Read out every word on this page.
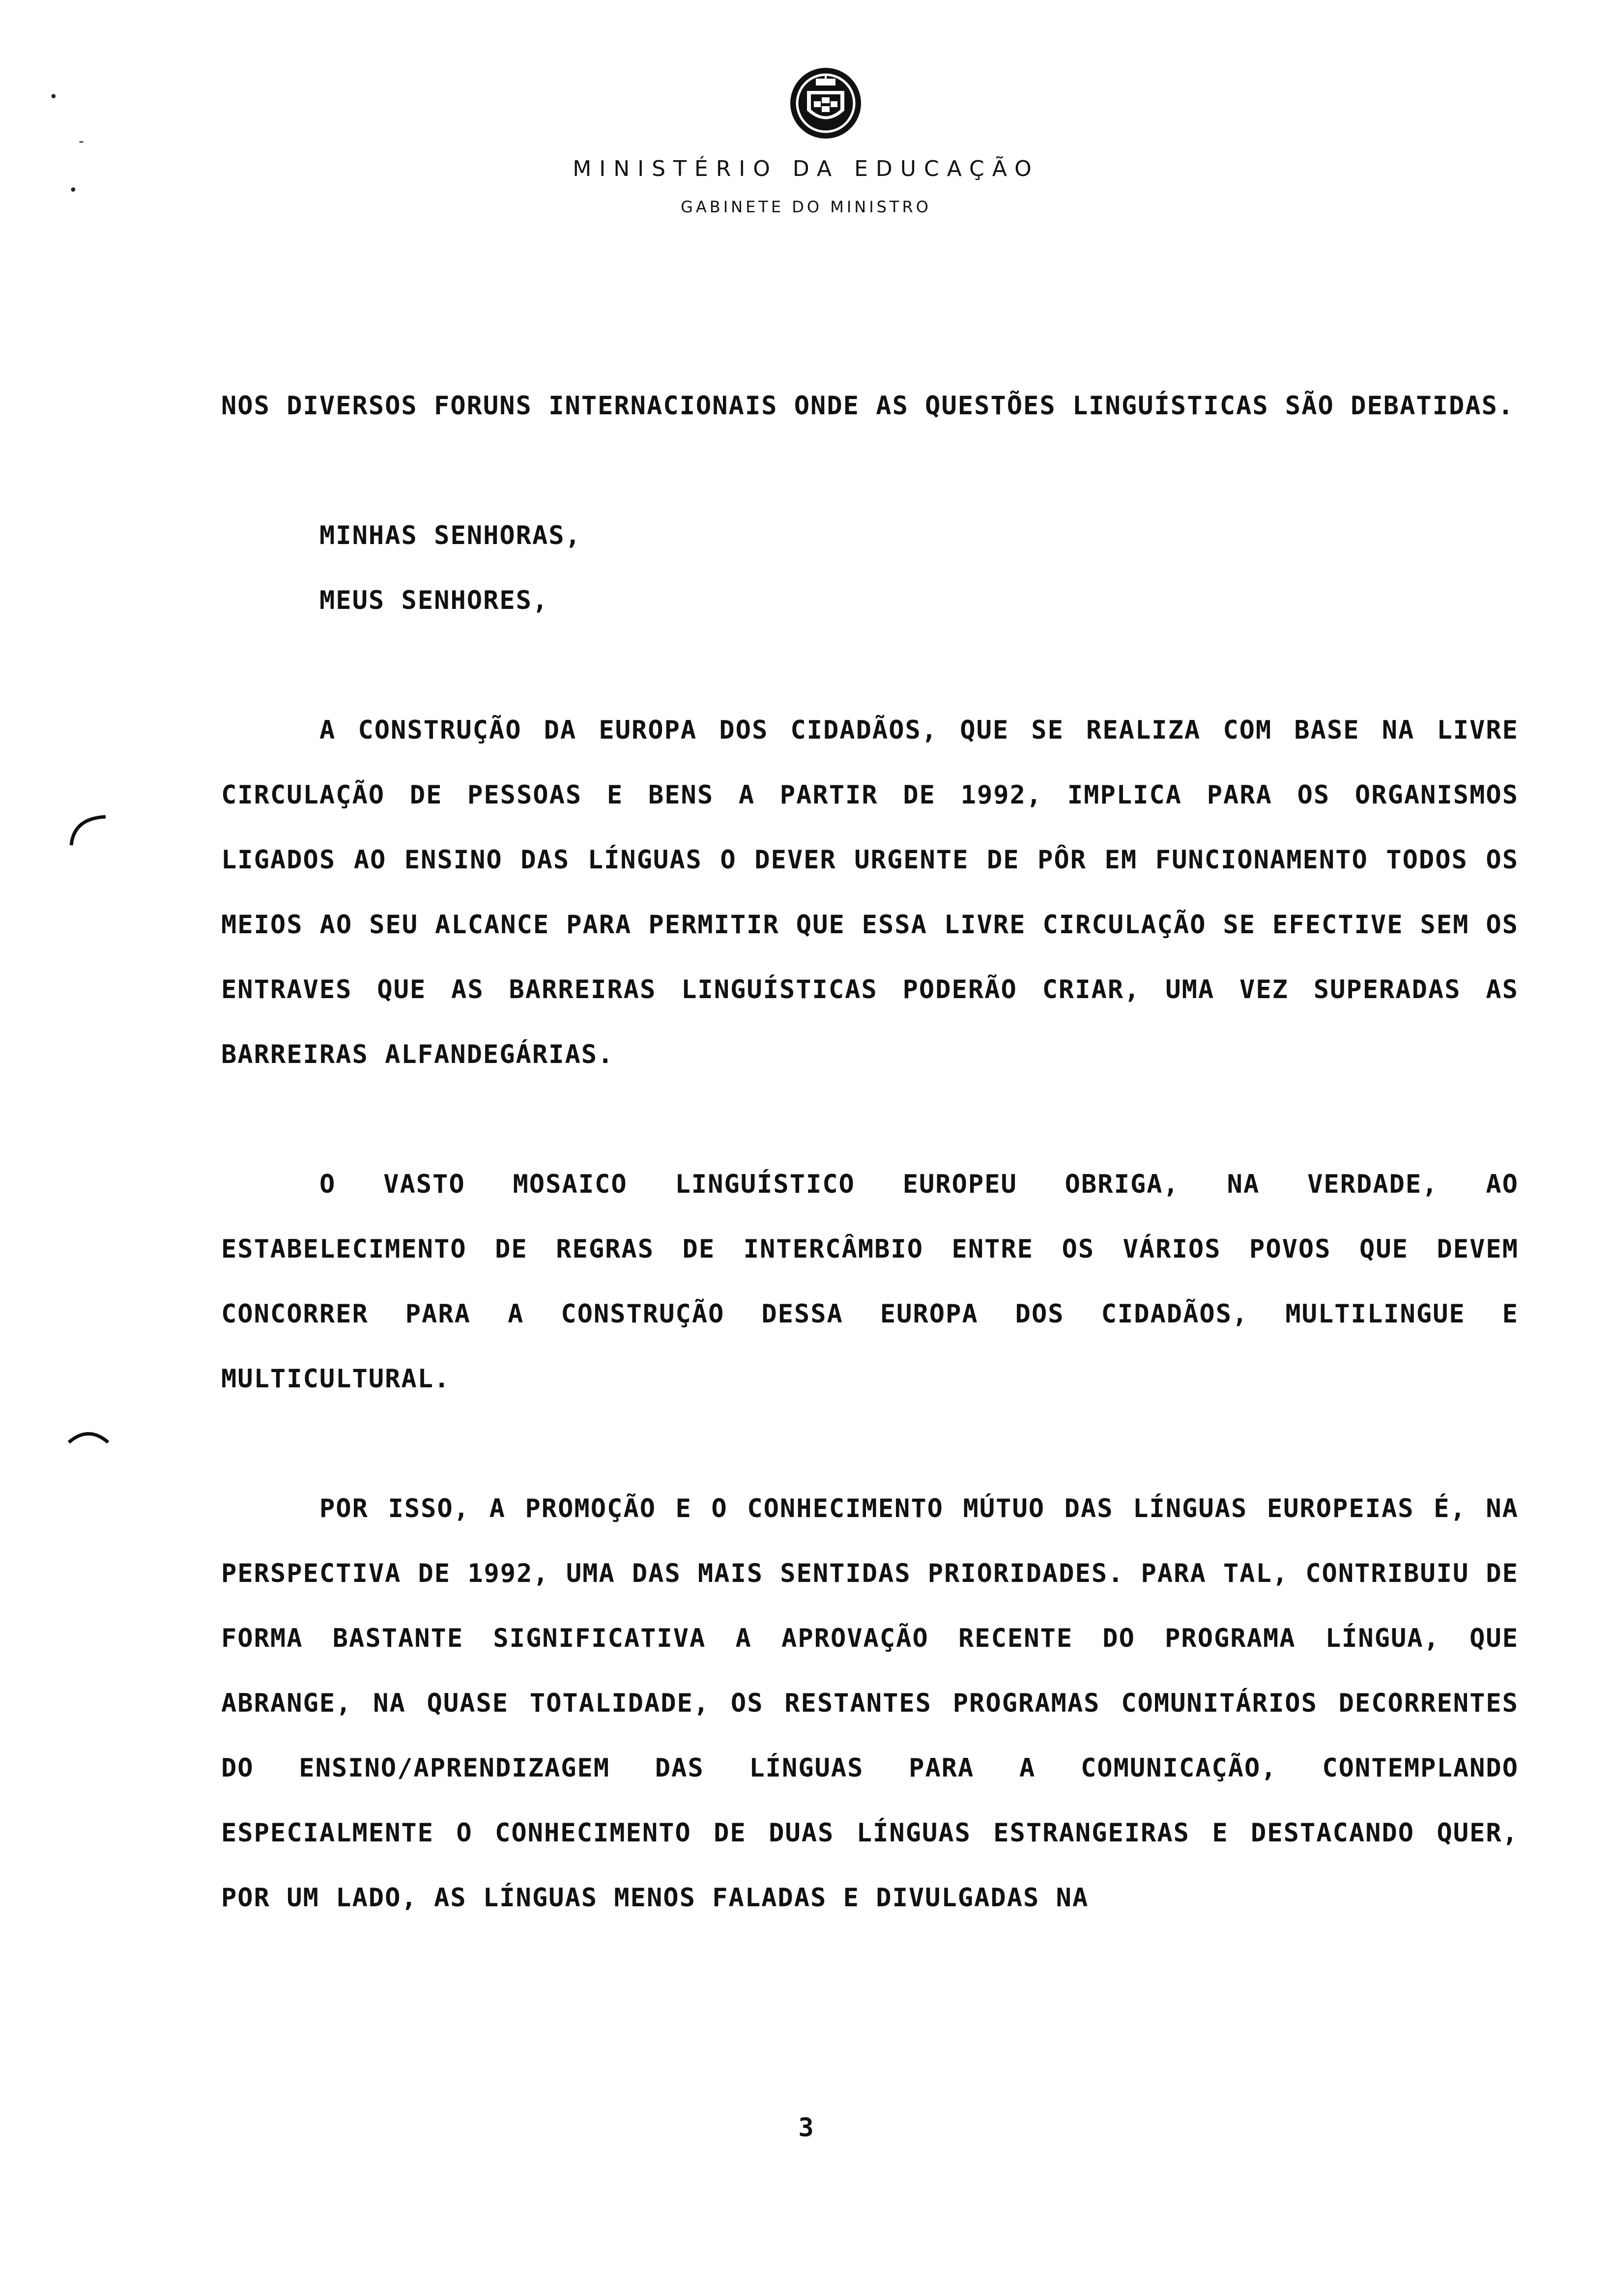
•
-
•
MINISTÉRIO DA EDUCAÇÃO
GABINETE DO MINISTRO

NOS DIVERSOS FORUNS INTERNACIONAIS ONDE AS QUESTÕES LINGUÍSTICAS SÃO DEBATIDAS.

MINHAS SENHORAS,

MEUS SENHORES,

A CONSTRUÇÃO DA EUROPA DOS CIDADÃOS, QUE SE REALIZA COM BASE NA LIVRE CIRCULAÇÃO DE PESSOAS E BENS A PARTIR DE 1992, IMPLICA PARA OS ORGANISMOS LIGADOS AO ENSINO DAS LÍNGUAS O DEVER URGENTE DE PÔR EM FUNCIONAMENTO TODOS OS MEIOS AO SEU ALCANCE PARA PERMITIR QUE ESSA LIVRE CIRCULAÇÃO SE EFECTIVE SEM OS ENTRAVES QUE AS BARREIRAS LINGUÍSTICAS PODERÃO CRIAR, UMA VEZ SUPERADAS AS BARREIRAS ALFANDEGÁRIAS.

O VASTO MOSAICO LINGUÍSTICO EUROPEU OBRIGA, NA VERDADE, AO ESTABELECIMENTO DE REGRAS DE INTERCÂMBIO ENTRE OS VÁRIOS POVOS QUE DEVEM CONCORRER PARA A CONSTRUÇÃO DESSA EUROPA DOS CIDADÃOS, MULTILINGUE E MULTICULTURAL.

POR ISSO, A PROMOÇÃO E O CONHECIMENTO MÚTUO DAS LÍNGUAS EUROPEIAS É, NA PERSPECTIVA DE 1992, UMA DAS MAIS SENTIDAS PRIORIDADES. PARA TAL, CONTRIBUIU DE FORMA BASTANTE SIGNIFICATIVA A APROVAÇÃO RECENTE DO PROGRAMA LÍNGUA, QUE ABRANGE, NA QUASE TOTALIDADE, OS RESTANTES PROGRAMAS COMUNITÁRIOS DECORRENTES DO ENSINO/APRENDIZAGEM DAS LÍNGUAS PARA A COMUNICAÇÃO, CONTEMPLANDO ESPECIALMENTE O CONHECIMENTO DE DUAS LÍNGUAS ESTRANGEIRAS E DESTACANDO QUER, POR UM LADO, AS LÍNGUAS MENOS FALADAS E DIVULGADAS NA

3
